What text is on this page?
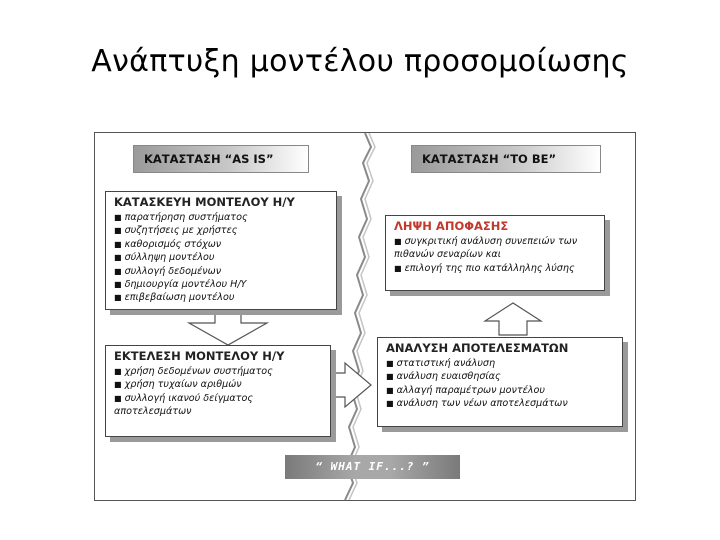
Ανάπτυξη μοντέλου προσομοίωσης
ΚΑΤΑΣΤΑΣΗ “AS IS”	ΚΑΤΑΣΤΑΣΗ “TO BE”
ΚΑΤΑΣΚΕΥΗ ΜΟΝΤΕΛΟΥ Η/Υ
■ παρατήρηση συστήματος
■ συζητήσεις με χρήστες
■ καθορισμός στόχων
■ σύλληψη μοντέλου
■ συλλογή δεδομένων
■ δημιουργία μοντέλου Η/Υ
■ επιβεβαίωση μοντέλου
ΛΗΨΗ ΑΠΟΦΑΣΗΣ
■ συγκριτική ανάλυση συνεπειών των πιθανών σεναρίων και
■ επιλογή της πιο κατάλληλης λύσης
ΕΚΤΕΛΕΣΗ ΜΟΝΤΕΛΟΥ Η/Υ
■ χρήση δεδομένων συστήματος
■ χρήση τυχαίων αριθμών
■ συλλογή ικανού δείγματος
αποτελεσμάτων
ΑΝΑΛΥΣΗ ΑΠΟΤΕΛΕΣΜΑΤΩΝ
■ στατιστική ανάλυση
■ ανάλυση ευαισθησίας
■ αλλαγή παραμέτρων μοντέλου
■ ανάλυση των νέων αποτελεσμάτων
“ WHAT IF...? ”
